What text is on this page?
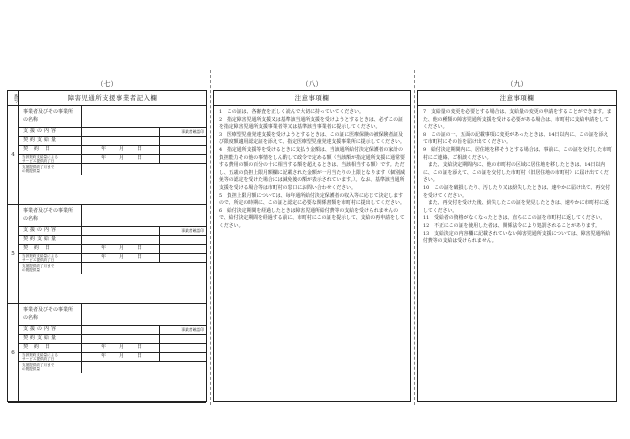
（七）
番号	障害児通所支援事業者記入欄
4
事業者及びその事業所の名称
支援の内容	事業者確認印
契約支給量
契約日	年	月	日
当該契約支給量による
サービス提供終了日	年	月	日
支援提供終了月まで
の既提供量
5
事業者及びその事業所の名称
支援の内容	事業者確認印
契約支給量
契約日	年	月	日
当該契約支給量による
サービス提供終了日	年	月	日
支援提供終了月まで
の既提供量
6
事業者及びその事業所の名称
支援の内容	事業者確認印
契約支給量
契約日	年	月	日
当該契約支給量による
サービス提供終了日	年	月	日
支援提供終了月まで
の既提供量
（八）
注意事項欄
1　この証は、各審査を正しく読んで大切に持っていてください。
2　指定障害児通所支援又は基準該当通所支援を受けようとするときは、必ずこの証を指定障害児通所支援事業者等又は基準該当事業者に提示してください。
3　医療型児童発達支援を受けようとするときは、この証に医療保険の被保険者証及び限度額適用認定証を添えて、指定医療型児童発達支援事業所に提示してください。
4　指定通所支援等を受けるときに支払う金額は、当該通所給付決定保護者の家計の負担能力その他の事情をしん酌して政令で定める額（当該額が指定通所支援に通常要する費用の額の百分の十に相当する額を超えるときは、当該相当する額）です。ただし、五歳の負担上限月額欄に記載された金額が一月当たりの上限となります（個別減免等の認定を受けた場合には減免後の額が表示されています。）。なお、基準該当通所支援を受ける場合等は市町村の窓口にお問い合わせください。
5　負担上限月額については、毎年通所給付決定保護者の収入等に応じて決定しますので、所定の時期に、この証と認定に必要な関係書類を市町村に提出してください。
6　給付決定期間を経過したときは障害児通所給付費等の支給を受けられませんので、給付決定期間を経過する前に、市町村にこの証を提示して、支給の再申請をしてください。
（九）
注意事項欄
7　支給量の変更を必要とする場合は、支給量の変更の申請をすることができます。また、他の種類の障害児通所支援を受ける必要がある場合は、市町村に支給申請をしてください。
8　この証の一、五面の記載事項に変更があったときは、14日以内に、この証を添えて市町村にその旨を届け出てください。
9　給付決定期間内に、居住地を移そうとする場合は、事前に、この証を交付した市町村にご連絡、ご相談ください。
　また、支給決定期間内に、他の市町村の区域に居住地を移したときは、14日以内に、この証を添えて、この証を交付した市町村（旧居住地の市町村）に届け出てください。
10　この証を破損したり、汚したり又は紛失したときは、速やかに届け出て、再交付を受けてください。
　また、再交付を受けた後、紛失したこの証を発見したときは、速やかに市町村に返してください。
11　受給者の資格がなくなったときは、直ちにこの証を市町村に返してください。
12　不正にこの証を使用した者は、関係法令により処罰されることがあります。
13　支給決定の内容欄に記載されていない障害児通所支援については、障害児通所給付費等の支給は受けられません。
